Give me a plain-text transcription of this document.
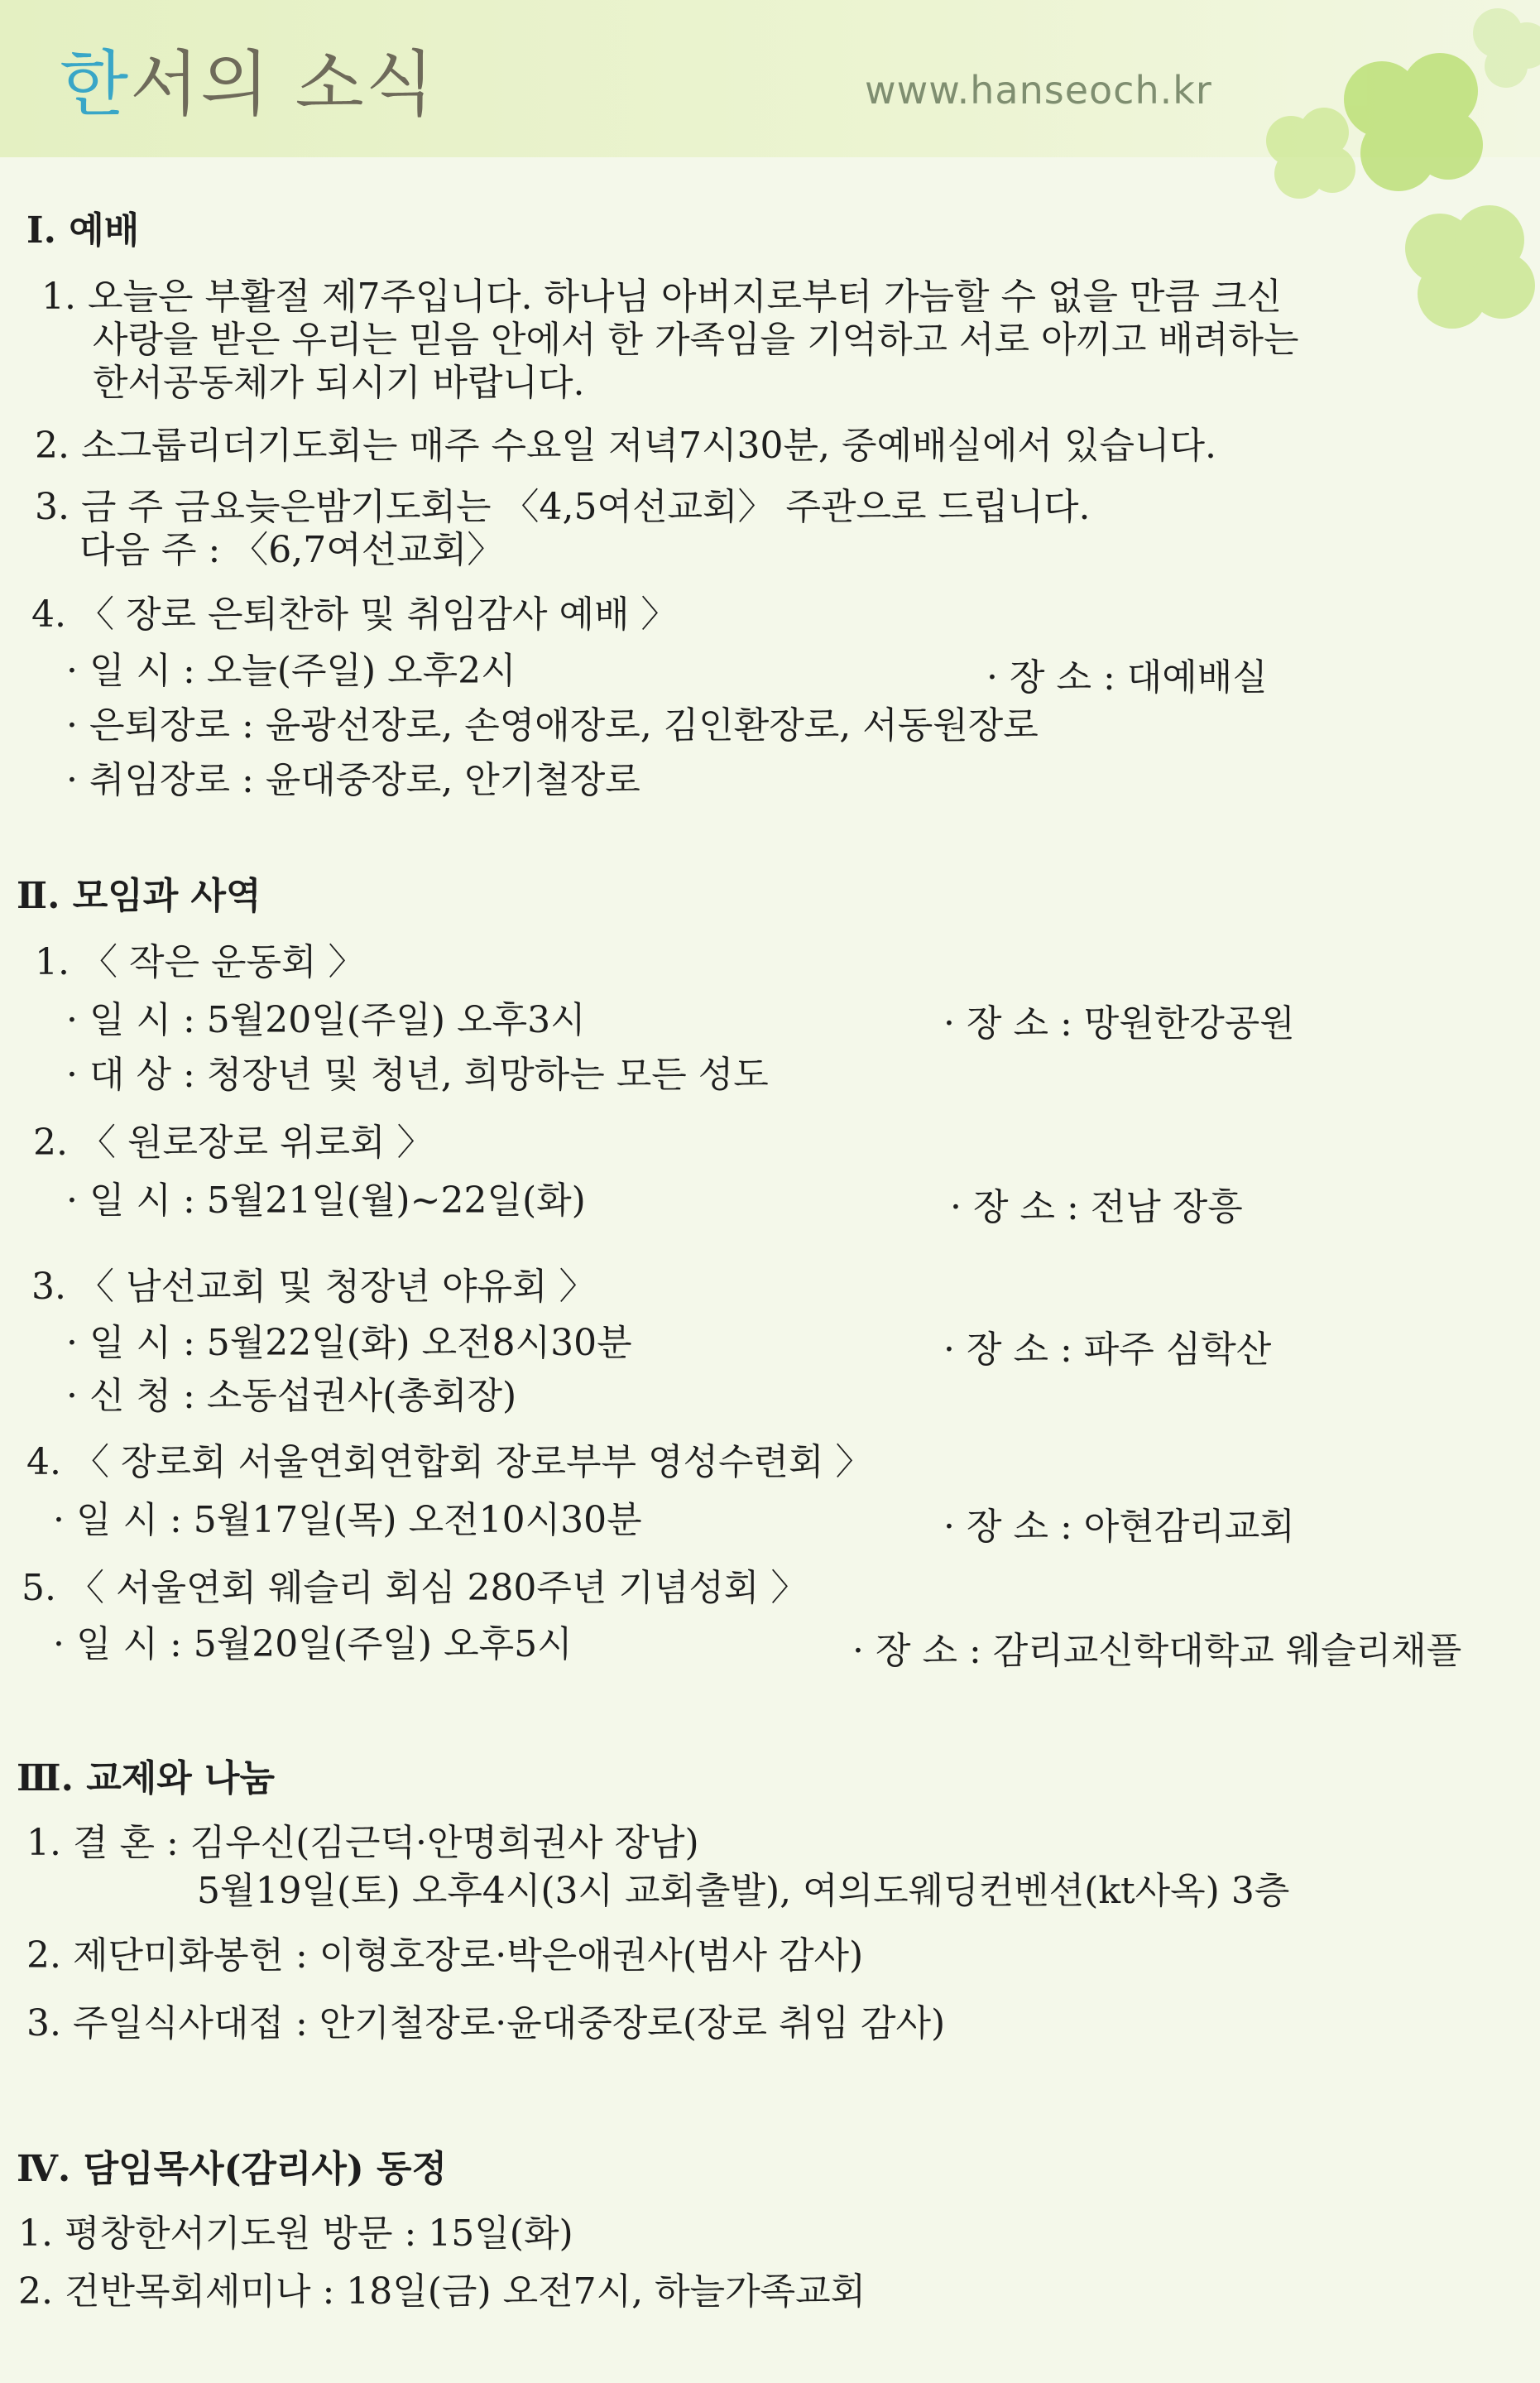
한서의 소식	www.hanseoch.kr
Ⅰ. 예배
1. 오늘은 부활절 제7주입니다. 하나님 아버지로부터 가늠할 수 없을 만큼 크신
사랑을 받은 우리는 믿음 안에서 한 가족임을 기억하고 서로 아끼고 배려하는
한서공동체가 되시기 바랍니다.
2. 소그룹리더기도회는 매주 수요일 저녁7시30분, 중예배실에서 있습니다.
3. 금 주 금요늦은밤기도회는 〈4,5여선교회〉 주관으로 드립니다.
다음 주 : 〈6,7여선교회〉
4. 〈 장로 은퇴찬하 및 취임감사 예배 〉
· 일 시 : 오늘(주일) 오후2시	· 장 소 : 대예배실
· 은퇴장로 : 윤광선장로, 손영애장로, 김인환장로, 서동원장로
· 취임장로 : 윤대중장로, 안기철장로
Ⅱ. 모임과 사역
1. 〈 작은 운동회 〉
· 일 시 : 5월20일(주일) 오후3시	· 장 소 : 망원한강공원
· 대 상 : 청장년 및 청년, 희망하는 모든 성도
2. 〈 원로장로 위로회 〉
· 일 시 : 5월21일(월)~22일(화)	· 장 소 : 전남 장흥
3. 〈 남선교회 및 청장년 야유회 〉
· 일 시 : 5월22일(화) 오전8시30분	· 장 소 : 파주 심학산
· 신 청 : 소동섭권사(총회장)
4. 〈 장로회 서울연회연합회 장로부부 영성수련회 〉
· 일 시 : 5월17일(목) 오전10시30분	· 장 소 : 아현감리교회
5. 〈 서울연회 웨슬리 회심 280주년 기념성회 〉
· 일 시 : 5월20일(주일) 오후5시	· 장 소 : 감리교신학대학교 웨슬리채플
Ⅲ. 교제와 나눔
1. 결 혼 : 김우신(김근덕·안명희권사 장남)
5월19일(토) 오후4시(3시 교회출발), 여의도웨딩컨벤션(kt사옥) 3층
2. 제단미화봉헌 : 이형호장로·박은애권사(범사 감사)
3. 주일식사대접 : 안기철장로·윤대중장로(장로 취임 감사)
Ⅳ. 담임목사(감리사) 동정
1. 평창한서기도원 방문 : 15일(화)
2. 건반목회세미나 : 18일(금) 오전7시, 하늘가족교회
